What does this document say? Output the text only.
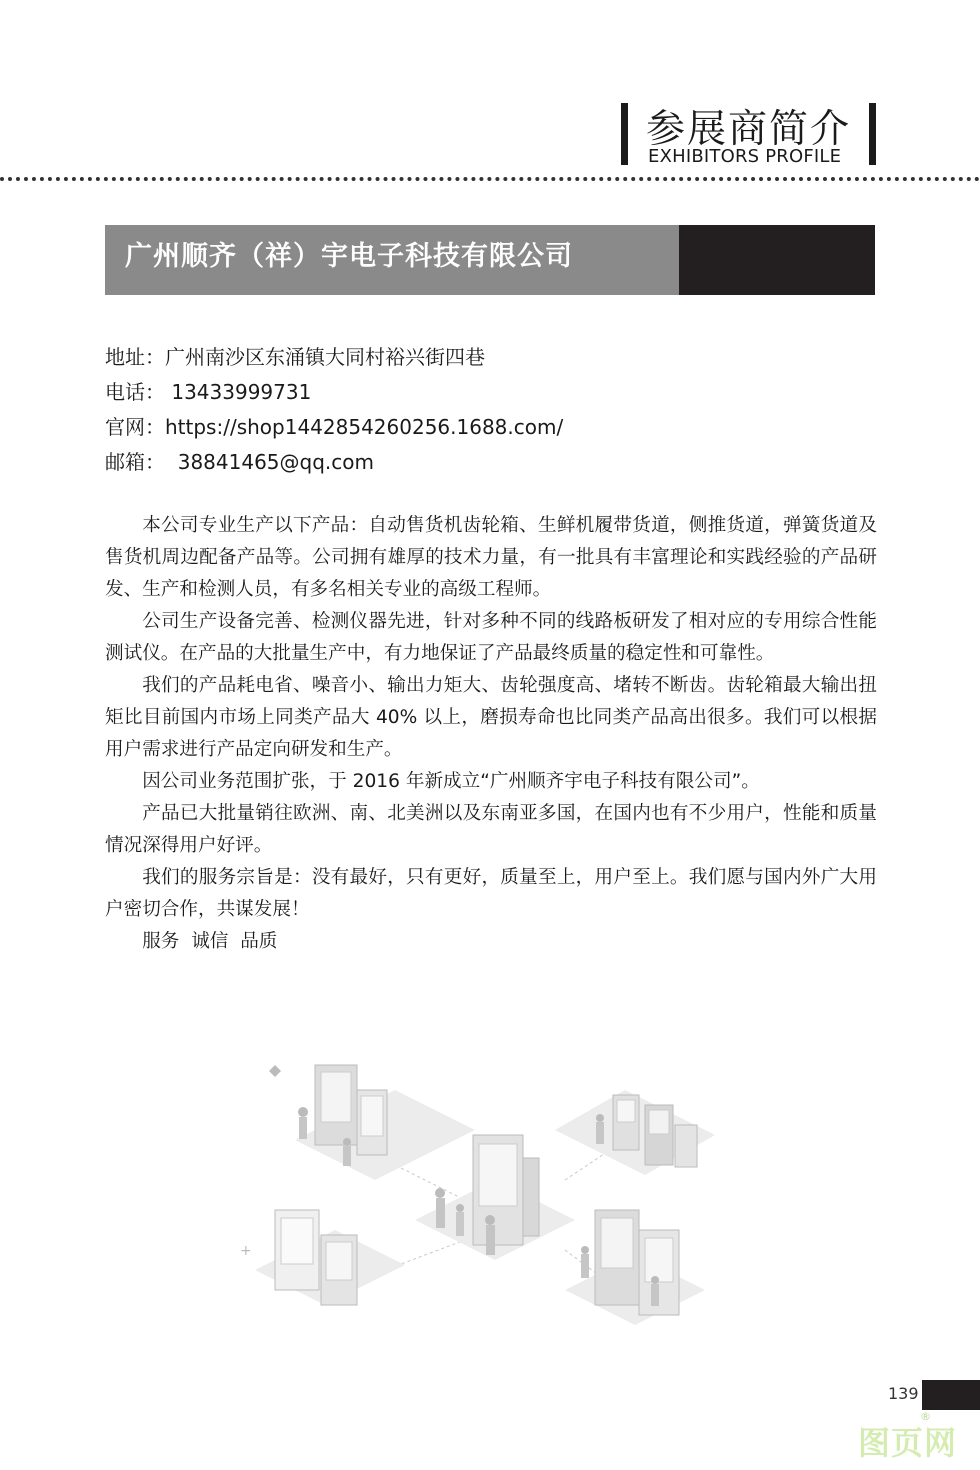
参展商简介
EXHIBITORS PROFILE
广州顺齐（祥）宇电子科技有限公司
地址：广州南沙区东涌镇大同村裕兴街四巷
电话： 13433999731
官网：https://shop1442854260256.1688.com/
邮箱：  38841465@qq.com

本公司专业生产以下产品：自动售货机齿轮箱、生鲜机履带货道，侧推货道，弹簧货道及售货机周边配备产品等。公司拥有雄厚的技术力量，有一批具有丰富理论和实践经验的产品研发、生产和检测人员，有多名相关专业的高级工程师。

公司生产设备完善、检测仪器先进，针对多种不同的线路板研发了相对应的专用综合性能测试仪。在产品的大批量生产中，有力地保证了产品最终质量的稳定性和可靠性。

我们的产品耗电省、噪音小、输出力矩大、齿轮强度高、堵转不断齿。齿轮箱最大输出扭矩比目前国内市场上同类产品大 40% 以上，磨损寿命也比同类产品高出很多。我们可以根据用户需求进行产品定向研发和生产。

因公司业务范围扩张，于 2016 年新成立“广州顺齐宇电子科技有限公司”。

产品已大批量销往欧洲、南、北美洲以及东南亚多国，在国内也有不少用户，性能和质量情况深得用户好评。

我们的服务宗旨是：没有最好，只有更好，质量至上，用户至上。我们愿与国内外广大用户密切合作，共谋发展！

服务  诚信  品质

+
139
图页网
®
